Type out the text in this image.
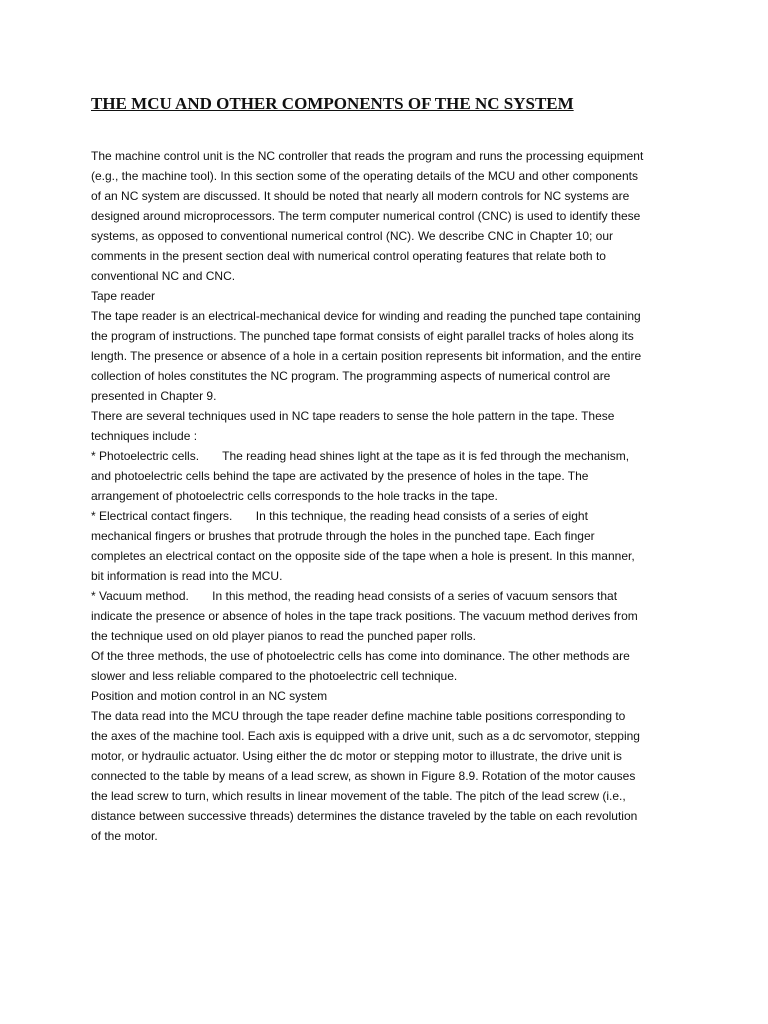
THE MCU AND OTHER COMPONENTS OF THE NC SYSTEM
The machine control unit is the NC controller that reads the program and runs the processing equipment
(e.g., the machine tool). In this section some of the operating details of the MCU and other components
of an NC system are discussed. It should be noted that nearly all modern controls for NC systems are
designed around microprocessors. The term computer numerical control (CNC) is used to identify these
systems, as opposed to conventional numerical control (NC). We describe CNC in Chapter 10; our
comments in the present section deal with numerical control operating features that relate both to
conventional NC and CNC.
Tape reader
The tape reader is an electrical-mechanical device for winding and reading the punched tape containing
the program of instructions. The punched tape format consists of eight parallel tracks of holes along its
length. The presence or absence of a hole in a certain position represents bit information, and the entire
collection of holes constitutes the NC program. The programming aspects of numerical control are
presented in Chapter 9.
There are several techniques used in NC tape readers to sense the hole pattern in the tape. These
techniques include :
* Photoelectric cells.       The reading head shines light at the tape as it is fed through the mechanism,
and photoelectric cells behind the tape are activated by the presence of holes in the tape. The
arrangement of photoelectric cells corresponds to the hole tracks in the tape.
* Electrical contact fingers.       In this technique, the reading head consists of a series of eight
mechanical fingers or brushes that protrude through the holes in the punched tape. Each finger
completes an electrical contact on the opposite side of the tape when a hole is present. In this manner,
bit information is read into the MCU.
* Vacuum method.       In this method, the reading head consists of a series of vacuum sensors that
indicate the presence or absence of holes in the tape track positions. The vacuum method derives from
the technique used on old player pianos to read the punched paper rolls.
Of the three methods, the use of photoelectric cells has come into dominance. The other methods are
slower and less reliable compared to the photoelectric cell technique.
Position and motion control in an NC system
The data read into the MCU through the tape reader define machine table positions corresponding to
the axes of the machine tool. Each axis is equipped with a drive unit, such as a dc servomotor, stepping
motor, or hydraulic actuator. Using either the dc motor or stepping motor to illustrate, the drive unit is
connected to the table by means of a lead screw, as shown in Figure 8.9. Rotation of the motor causes
the lead screw to turn, which results in linear movement of the table. The pitch of the lead screw (i.e.,
distance between successive threads) determines the distance traveled by the table on each revolution
of the motor.
